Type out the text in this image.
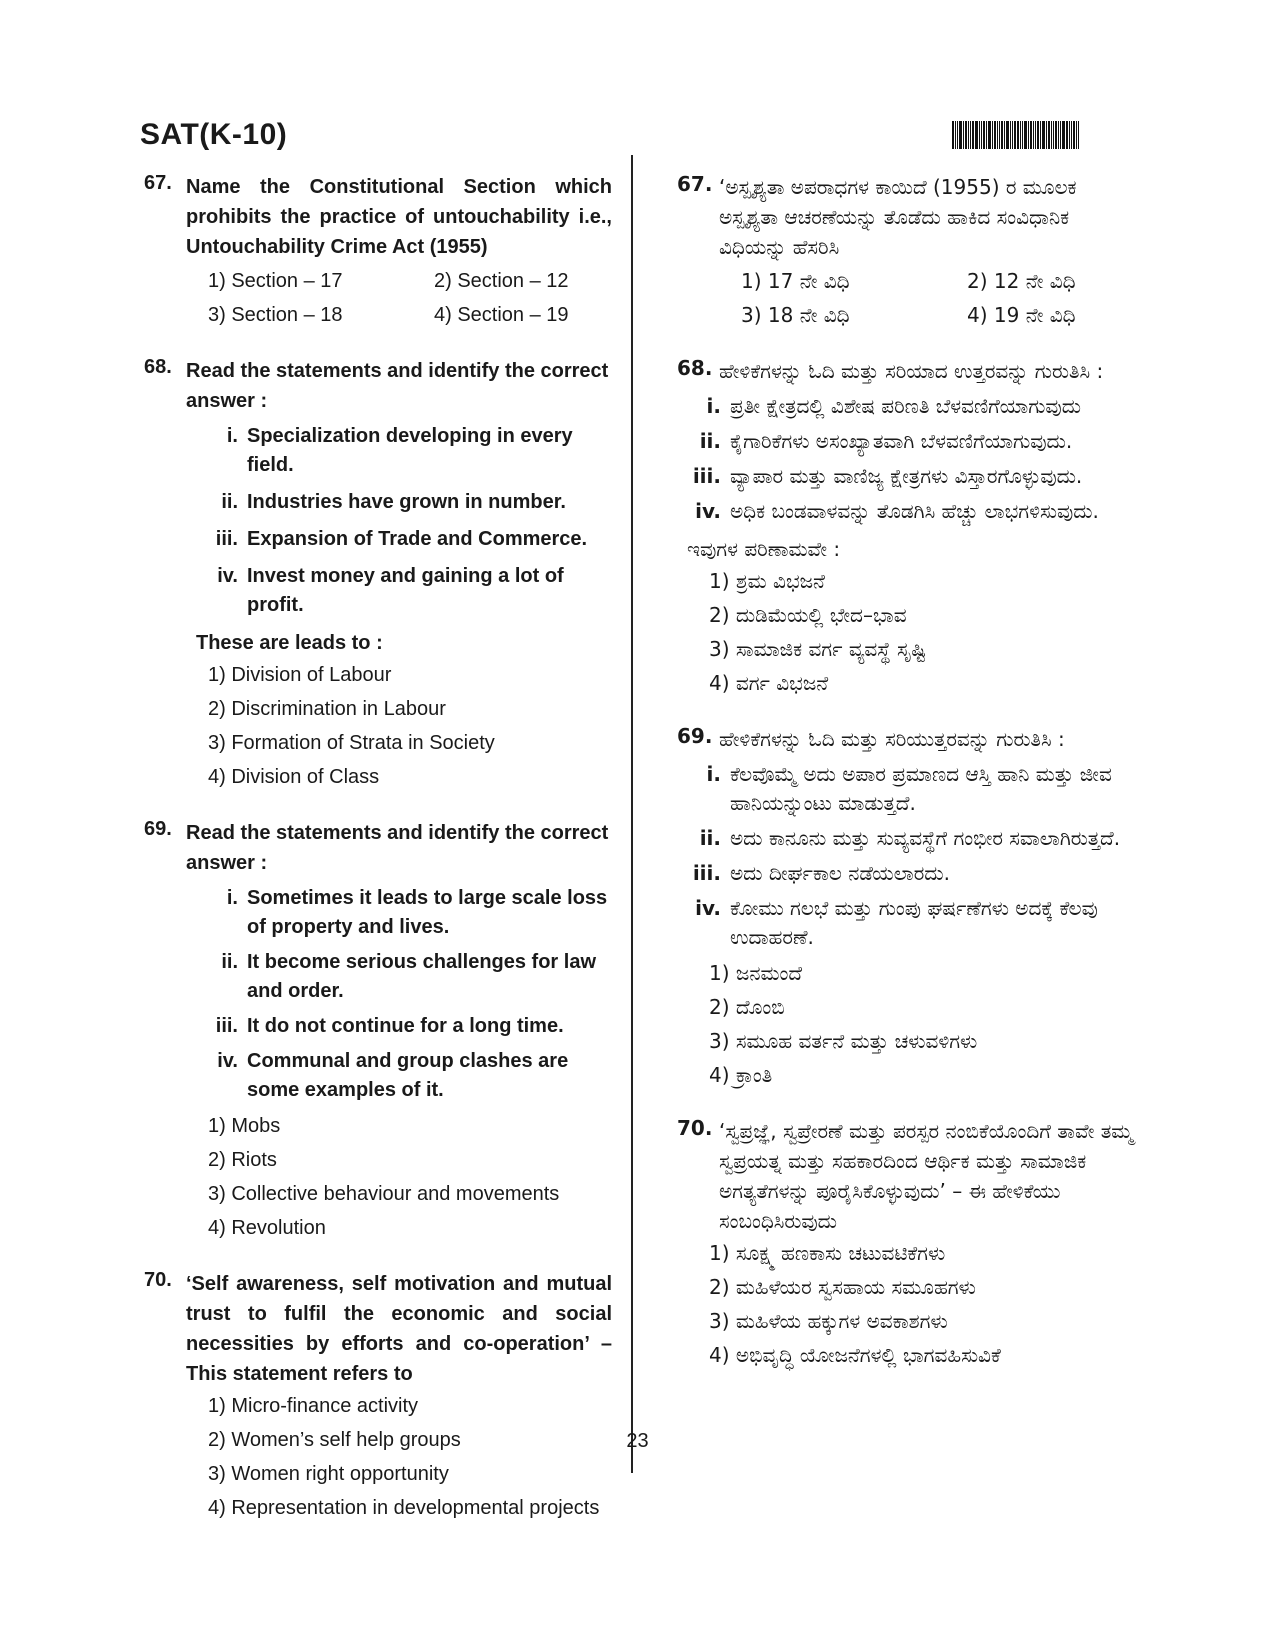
SAT(K-10)
67. Name the Constitutional Section which prohibits the practice of untouchability i.e., Untouchability Crime Act (1955)
1) Section – 17	2) Section – 12
3) Section – 18	4) Section – 19
68. Read the statements and identify the correct answer :
i. Specialization developing in every field.
ii. Industries have grown in number.
iii. Expansion of Trade and Commerce.
iv. Invest money and gaining a lot of profit.
These are leads to :
1) Division of Labour
2) Discrimination in Labour
3) Formation of Strata in Society
4) Division of Class
69. Read the statements and identify the correct answer :
i. Sometimes it leads to large scale loss of property and lives.
ii. It become serious challenges for law and order.
iii. It do not continue for a long time.
iv. Communal and group clashes are some examples of it.
1) Mobs
2) Riots
3) Collective behaviour and movements
4) Revolution
70. ‘Self awareness, self motivation and mutual trust to fulfil the economic and social necessities by efforts and co-operation’ – This statement refers to
1) Micro-finance activity
2) Women’s self help groups
3) Women right opportunity
4) Representation in developmental projects
67. ‘ಅಸ್ಪೃಶ್ಯತಾ ಅಪರಾಧಗಳ ಕಾಯಿದೆ (1955) ರ ಮೂಲಕ ಅಸ್ಪೃಶ್ಯತಾ ಆಚರಣೆಯನ್ನು ತೊಡೆದು ಹಾಕಿದ ಸಂವಿಧಾನಿಕ ವಿಧಿಯನ್ನು ಹೆಸರಿಸಿ
1) 17 ನೇ ವಿಧಿ	2) 12 ನೇ ವಿಧಿ
3) 18 ನೇ ವಿಧಿ	4) 19 ನೇ ವಿಧಿ
68. ಹೇಳಿಕೆಗಳನ್ನು ಓದಿ ಮತ್ತು ಸರಿಯಾದ ಉತ್ತರವನ್ನು ಗುರುತಿಸಿ :
i. ಪ್ರತೀ ಕ್ಷೇತ್ರದಲ್ಲಿ ವಿಶೇಷ ಪರಿಣತಿ ಬೆಳವಣಿಗೆಯಾಗುವುದು
ii. ಕೈಗಾರಿಕೆಗಳು ಅಸಂಖ್ಯಾತವಾಗಿ ಬೆಳವಣಿಗೆಯಾಗುವುದು.
iii. ವ್ಯಾಪಾರ ಮತ್ತು ವಾಣಿಜ್ಯ ಕ್ಷೇತ್ರಗಳು ವಿಸ್ತಾರಗೊಳ್ಳುವುದು.
iv. ಅಧಿಕ ಬಂಡವಾಳವನ್ನು ತೊಡಗಿಸಿ ಹೆಚ್ಚು ಲಾಭಗಳಿಸುವುದು.
ಇವುಗಳ ಪರಿಣಾಮವೇ :
1) ಶ್ರಮ ವಿಭಜನೆ
2) ದುಡಿಮೆಯಲ್ಲಿ ಭೇದ–ಭಾವ
3) ಸಾಮಾಜಿಕ ವರ್ಗ ವ್ಯವಸ್ಥೆ ಸೃಷ್ಟಿ
4) ವರ್ಗ ವಿಭಜನೆ
69. ಹೇಳಿಕೆಗಳನ್ನು ಓದಿ ಮತ್ತು ಸರಿಯುತ್ತರವನ್ನು ಗುರುತಿಸಿ :
i. ಕೆಲವೊಮ್ಮೆ ಅದು ಅಪಾರ ಪ್ರಮಾಣದ ಆಸ್ತಿ ಹಾನಿ ಮತ್ತು ಜೀವ ಹಾನಿಯನ್ನುಂಟು ಮಾಡುತ್ತದೆ.
ii. ಅದು ಕಾನೂನು ಮತ್ತು ಸುವ್ಯವಸ್ಥೆಗೆ ಗಂಭೀರ ಸವಾಲಾಗಿರುತ್ತದೆ.
iii. ಅದು ದೀರ್ಘಕಾಲ ನಡೆಯಲಾರದು.
iv. ಕೋಮು ಗಲಭೆ ಮತ್ತು ಗುಂಪು ಘರ್ಷಣೆಗಳು ಅದಕ್ಕೆ ಕೆಲವು ಉದಾಹರಣೆ.
1) ಜನಮಂದೆ
2) ದೊಂಬಿ
3) ಸಮೂಹ ವರ್ತನೆ ಮತ್ತು ಚಳುವಳಿಗಳು
4) ಕ್ರಾಂತಿ
70. ‘ಸ್ವಪ್ರಜ್ಞೆ, ಸ್ವಪ್ರೇರಣೆ ಮತ್ತು ಪರಸ್ಪರ ನಂಬಿಕೆಯೊಂದಿಗೆ ತಾವೇ ತಮ್ಮ ಸ್ವಪ್ರಯತ್ನ ಮತ್ತು ಸಹಕಾರದಿಂದ ಆರ್ಥಿಕ ಮತ್ತು ಸಾಮಾಜಿಕ ಅಗತ್ಯತೆಗಳನ್ನು ಪೂರೈಸಿಕೊಳ್ಳುವುದು’ – ಈ ಹೇಳಿಕೆಯು ಸಂಬಂಧಿಸಿರುವುದು
1) ಸೂಕ್ಷ್ಮ ಹಣಕಾಸು ಚಟುವಟಿಕೆಗಳು
2) ಮಹಿಳೆಯರ ಸ್ವಸಹಾಯ ಸಮೂಹಗಳು
3) ಮಹಿಳೆಯ ಹಕ್ಕುಗಳ ಅವಕಾಶಗಳು
4) ಅಭಿವೃದ್ಧಿ ಯೋಜನೆಗಳಲ್ಲಿ ಭಾಗವಹಿಸುವಿಕೆ
23
